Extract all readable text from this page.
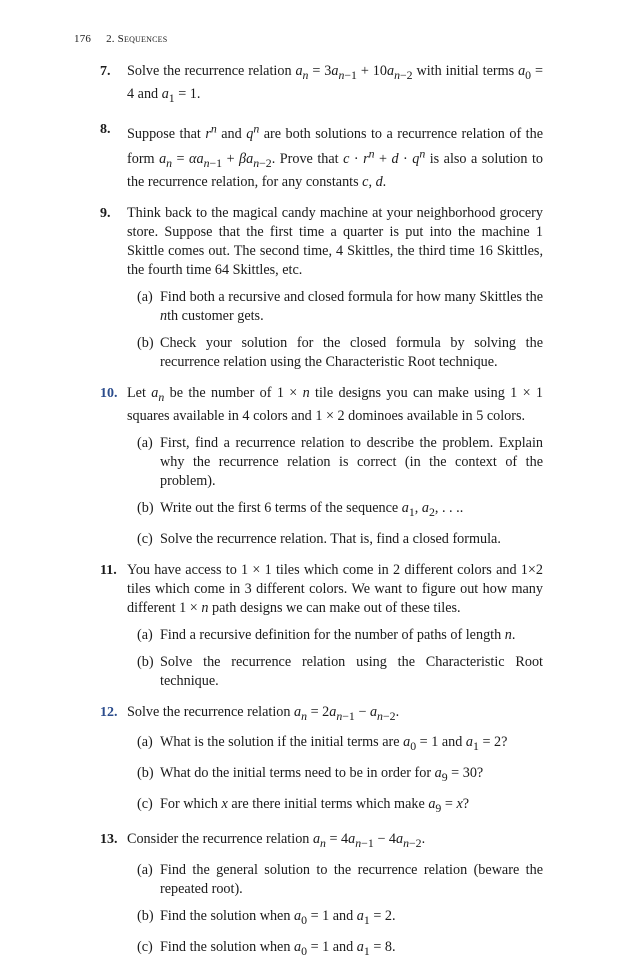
176 2. Sequences
7. Solve the recurrence relation $a_n = 3a_{n-1} + 10a_{n-2}$ with initial terms $a_0 = 4$ and $a_1 = 1$.
8. Suppose that $r^n$ and $q^n$ are both solutions to a recurrence relation of the form $a_n = \alpha a_{n-1} + \beta a_{n-2}$. Prove that $c \cdot r^n + d \cdot q^n$ is also a solution to the recurrence relation, for any constants c, d.
9. Think back to the magical candy machine at your neighborhood grocery store. Suppose that the first time a quarter is put into the machine 1 Skittle comes out. The second time, 4 Skittles, the third time 16 Skittles, the fourth time 64 Skittles, etc.
(a) Find both a recursive and closed formula for how many Skittles the nth customer gets.
(b) Check your solution for the closed formula by solving the recurrence relation using the Characteristic Root technique.
10. Let $a_n$ be the number of 1 × n tile designs you can make using 1 × 1 squares available in 4 colors and 1 × 2 dominoes available in 5 colors.
(a) First, find a recurrence relation to describe the problem. Explain why the recurrence relation is correct (in the context of the problem).
(b) Write out the first 6 terms of the sequence $a_1$, $a_2$, . . ..
(c) Solve the recurrence relation. That is, find a closed formula.
11. You have access to 1 × 1 tiles which come in 2 different colors and 1×2 tiles which come in 3 different colors. We want to figure out how many different 1 × n path designs we can make out of these tiles.
(a) Find a recursive definition for the number of paths of length n.
(b) Solve the recurrence relation using the Characteristic Root technique.
12. Solve the recurrence relation $a_n = 2a_{n-1} - a_{n-2}$.
(a) What is the solution if the initial terms are $a_0 = 1$ and $a_1 = 2$?
(b) What do the initial terms need to be in order for $a_9 = 30$?
(c) For which x are there initial terms which make $a_9 = x$?
13. Consider the recurrence relation $a_n = 4a_{n-1} - 4a_{n-2}$.
(a) Find the general solution to the recurrence relation (beware the repeated root).
(b) Find the solution when $a_0 = 1$ and $a_1 = 2$.
(c) Find the solution when $a_0 = 1$ and $a_1 = 8$.
